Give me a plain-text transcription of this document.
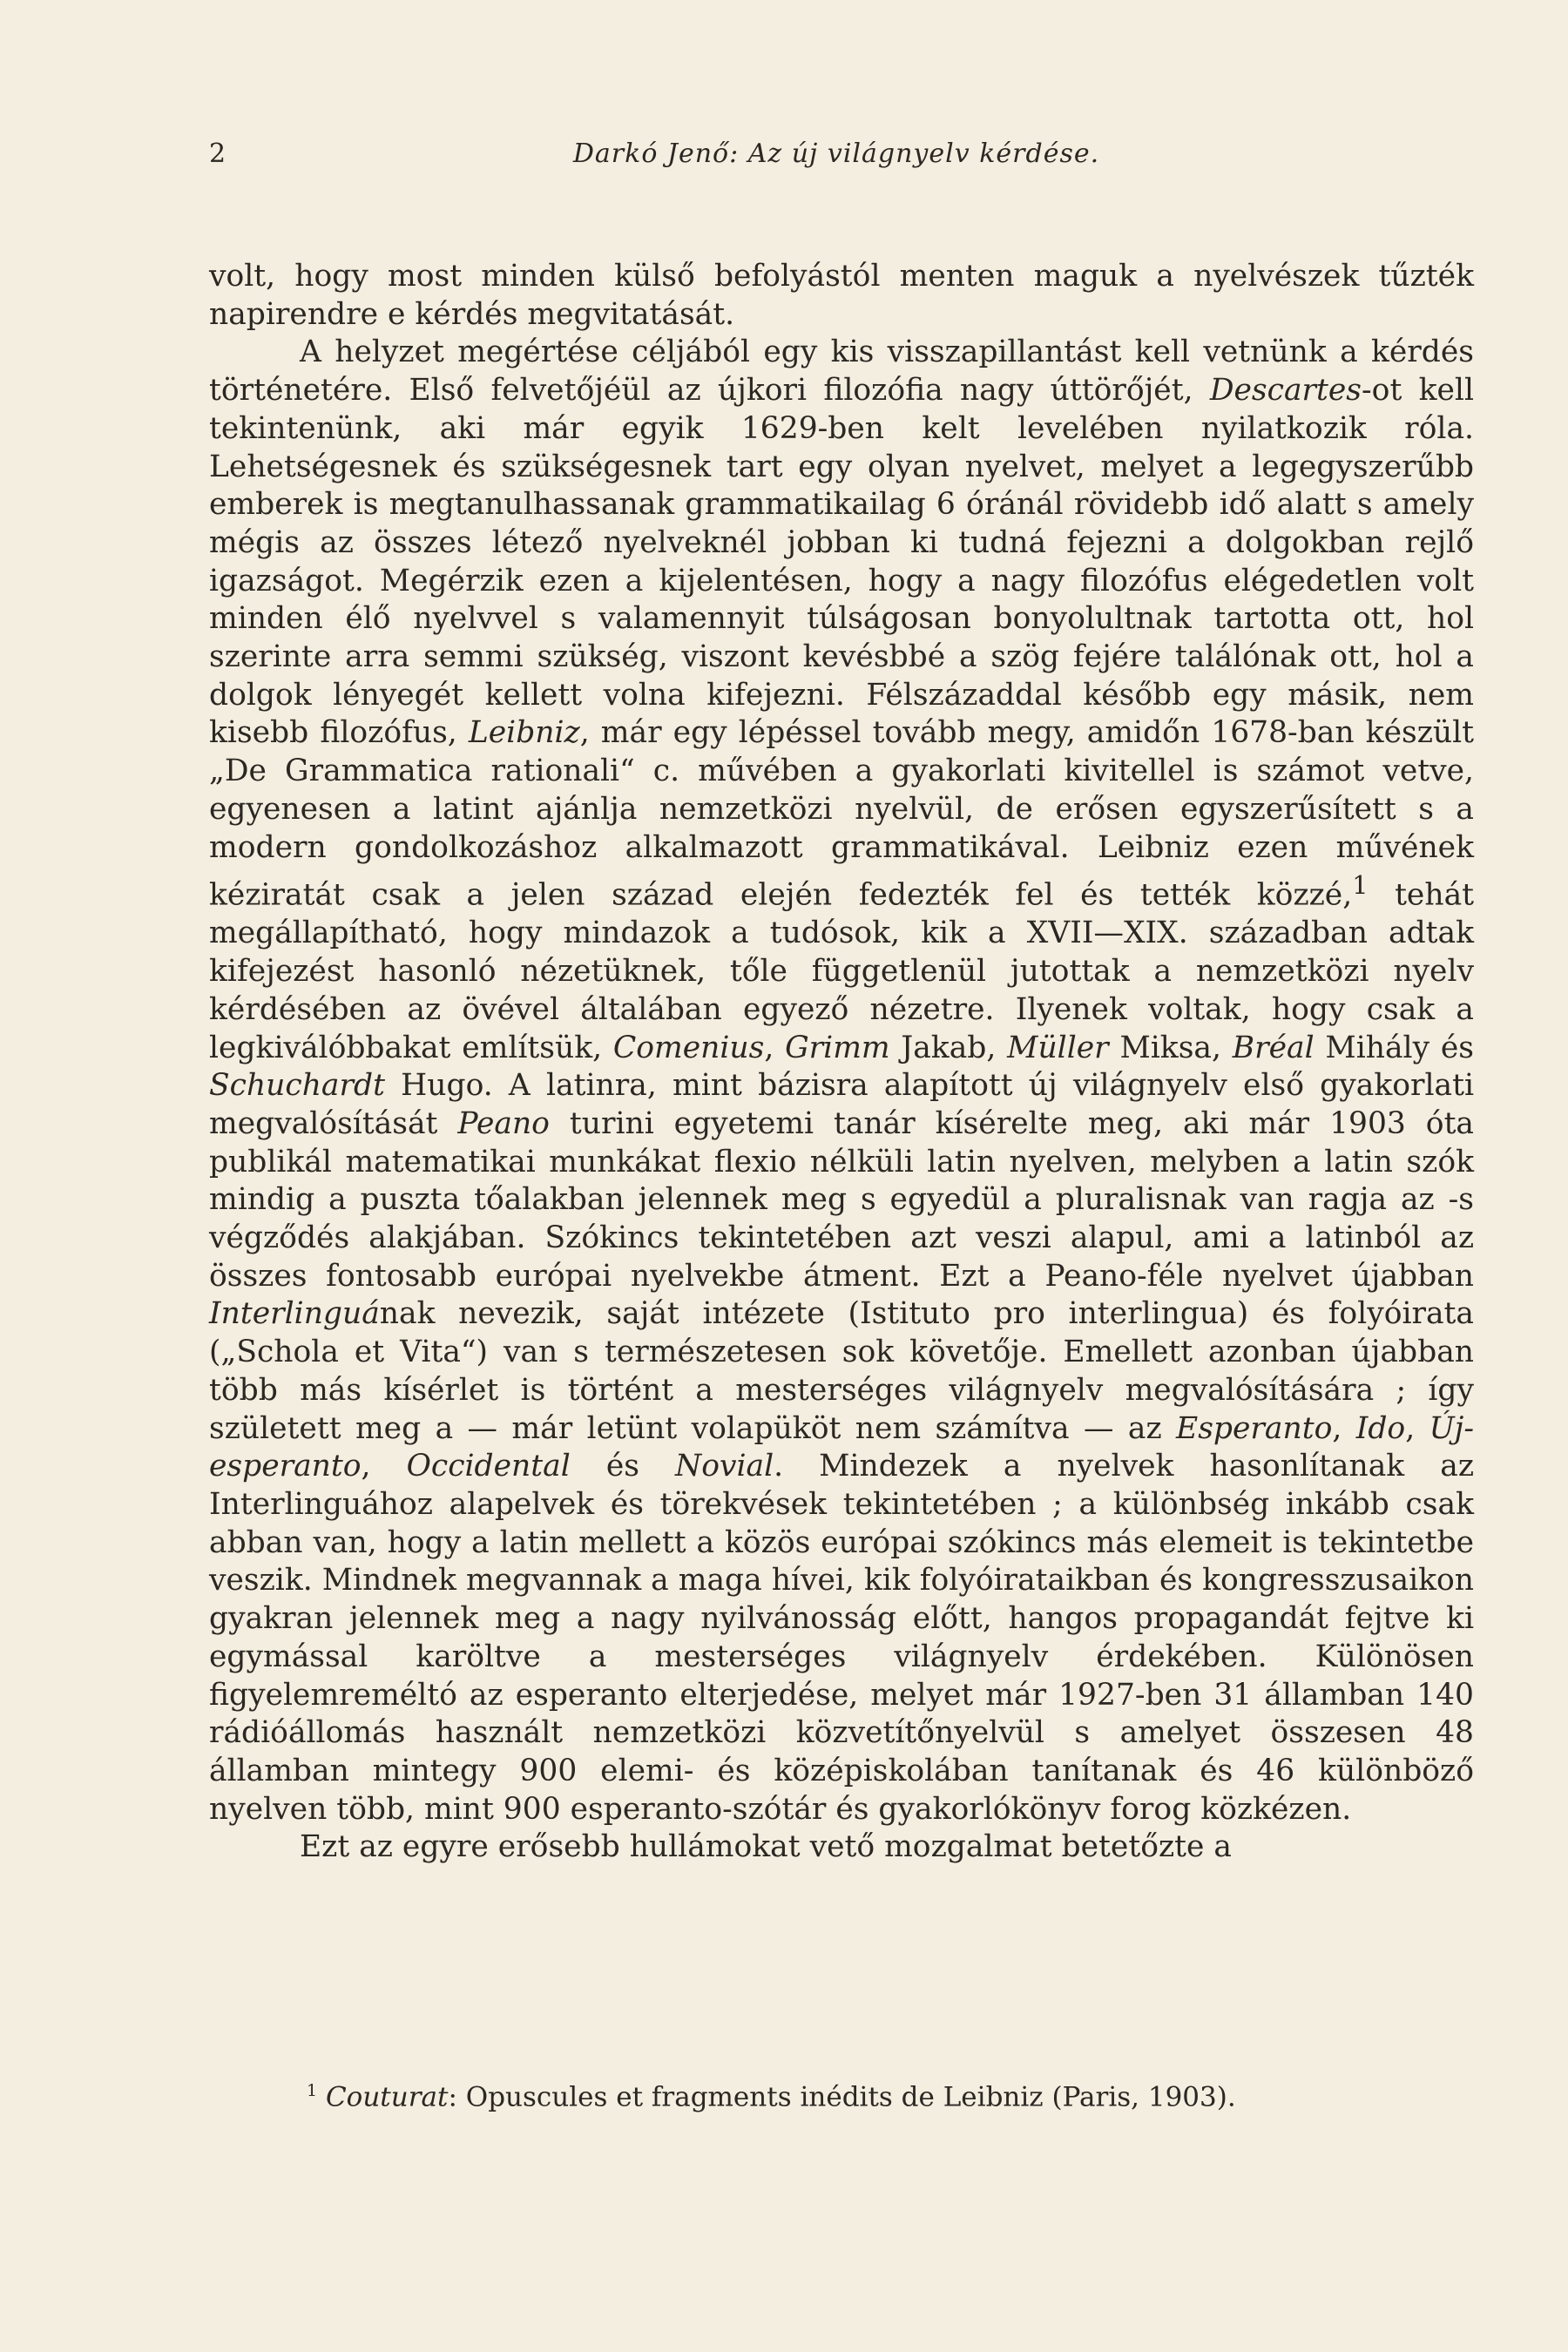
2	Darkó Jenő: Az új világnyelv kérdése.

volt, hogy most minden külső befolyástól menten maguk a nyelvészek tűzték napirendre e kérdés megvitatását.

A helyzet megértése céljából egy kis visszapillantást kell vetnünk a kérdés történetére. Első felvetőjéül az újkori filozófia nagy úttörőjét, Descartes-ot kell tekintenünk, aki már egyik 1629-ben kelt levelében nyilatkozik róla. Lehetségesnek és szükségesnek tart egy olyan nyelvet, melyet a legegyszerűbb emberek is megtanulhassanak grammatikailag 6 óránál rövidebb idő alatt s amely mégis az összes létező nyelveknél jobban ki tudná fejezni a dolgokban rejlő igazságot. Megérzik ezen a kijelentésen, hogy a nagy filozófus elégedetlen volt minden élő nyelvvel s valamennyit túlságosan bonyolultnak tartotta ott, hol szerinte arra semmi szükség, viszont kevésbbé a szög fejére találónak ott, hol a dolgok lényegét kellett volna kifejezni. Félszázaddal később egy másik, nem kisebb filozófus, Leibniz, már egy lépéssel tovább megy, amidőn 1678-ban készült „De Grammatica rationali“ c. művében a gyakorlati kivitellel is számot vetve, egyenesen a latint ajánlja nemzetközi nyelvül, de erősen egyszerűsített s a modern gondolkozáshoz alkalmazott grammatikával. Leibniz ezen művének kéziratát csak a jelen század elején fedezték fel és tették közzé,$^1$ tehát megállapítható, hogy mindazok a tudósok, kik a XVII—XIX. században adtak kifejezést hasonló nézetüknek, tőle függetlenül jutottak a nemzetközi nyelv kérdésében az övével általában egyező nézetre. Ilyenek voltak, hogy csak a legkiválóbbakat említsük, Comenius, Grimm Jakab, Müller Miksa, Bréal Mihály és Schuchardt Hugo. A latinra, mint bázisra alapított új világnyelv első gyakorlati megvalósítását Peano turini egyetemi tanár kísérelte meg, aki már 1903 óta publikál matematikai munkákat flexio nélküli latin nyelven, melyben a latin szók mindig a puszta tőalakban jelennek meg s egyedül a pluralisnak van ragja az -s végződés alakjában. Szókincs tekintetében azt veszi alapul, ami a latinból az összes fontosabb európai nyelvekbe átment. Ezt a Peano-féle nyelvet újabban Interlinguának nevezik, saját intézete (Istituto pro interlingua) és folyóirata („Schola et Vita“) van s természetesen sok követője. Emellett azonban újabban több más kísérlet is történt a mesterséges világnyelv megvalósítására ; így született meg a — már letünt volapüköt nem számítva — az Esperanto, Ido, Új-esperanto, Occidental és Novial. Mindezek a nyelvek hasonlítanak az Interlinguához alapelvek és törekvések tekintetében ; a különbség inkább csak abban van, hogy a latin mellett a közös európai szókincs más elemeit is tekintetbe veszik. Mindnek megvannak a maga hívei, kik folyóirataikban és kongresszusaikon gyakran jelennek meg a nagy nyilvánosság előtt, hangos propagandát fejtve ki egymással karöltve a mesterséges világnyelv érdekében. Különösen figyelemreméltó az esperanto elterjedése, melyet már 1927-ben 31 államban 140 rádióállomás használt nemzetközi közvetítőnyelvül s amelyet összesen 48 államban mintegy 900 elemi- és középiskolában tanítanak és 46 különböző nyelven több, mint 900 esperanto-szótár és gyakorlókönyv forog közkézen.

Ezt az egyre erősebb hullámokat vető mozgalmat betetőzte a

$^1$ Couturat: Opuscules et fragments inédits de Leibniz (Paris, 1903).
